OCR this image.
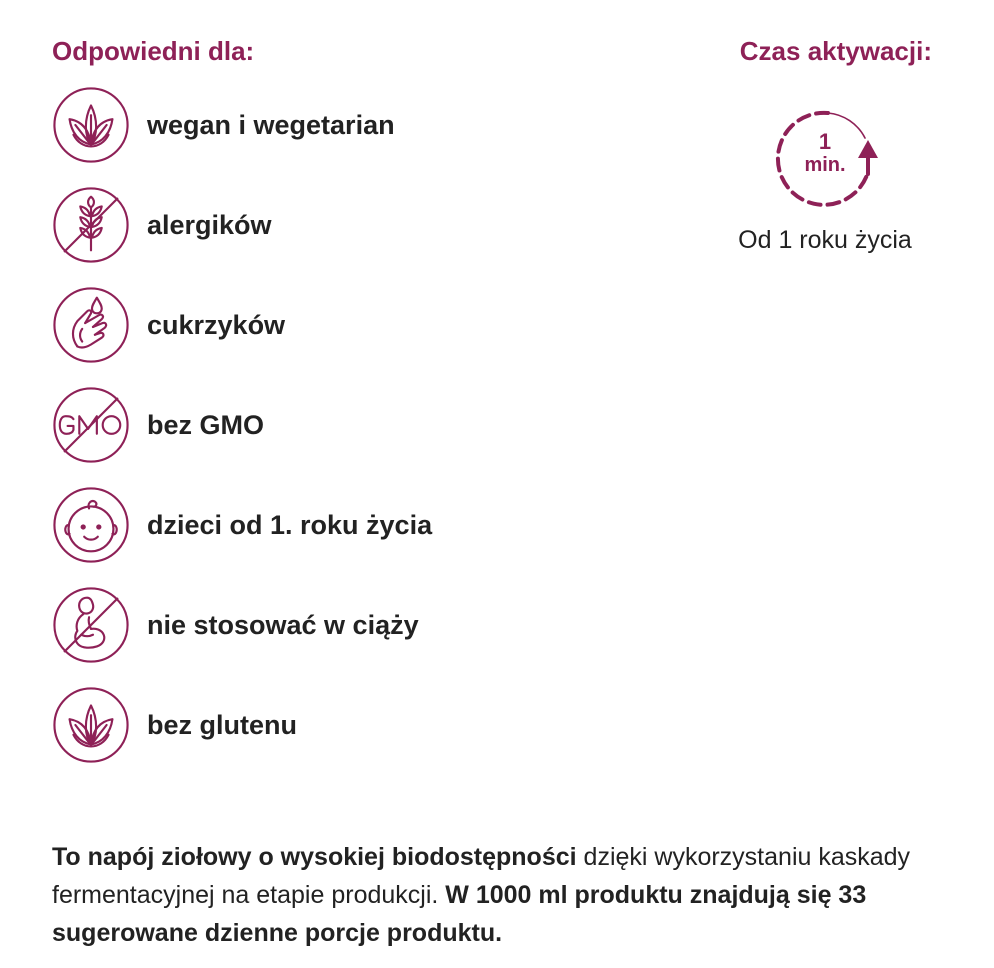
Odpowiedni dla:	Czas aktywacji:
wegan i wegetarian
alergików
cukrzyków
bez GMO
dzieci od 1. roku życia
nie stosować w ciąży
bez glutenu
1
min.
Od 1 roku życia

To napój ziołowy o wysokiej biodostępności dzięki wykorzystaniu kaskady fermentacyjnej na etapie produkcji. W 1000 ml produktu znajdują się 33 sugerowane dzienne porcje produktu.
